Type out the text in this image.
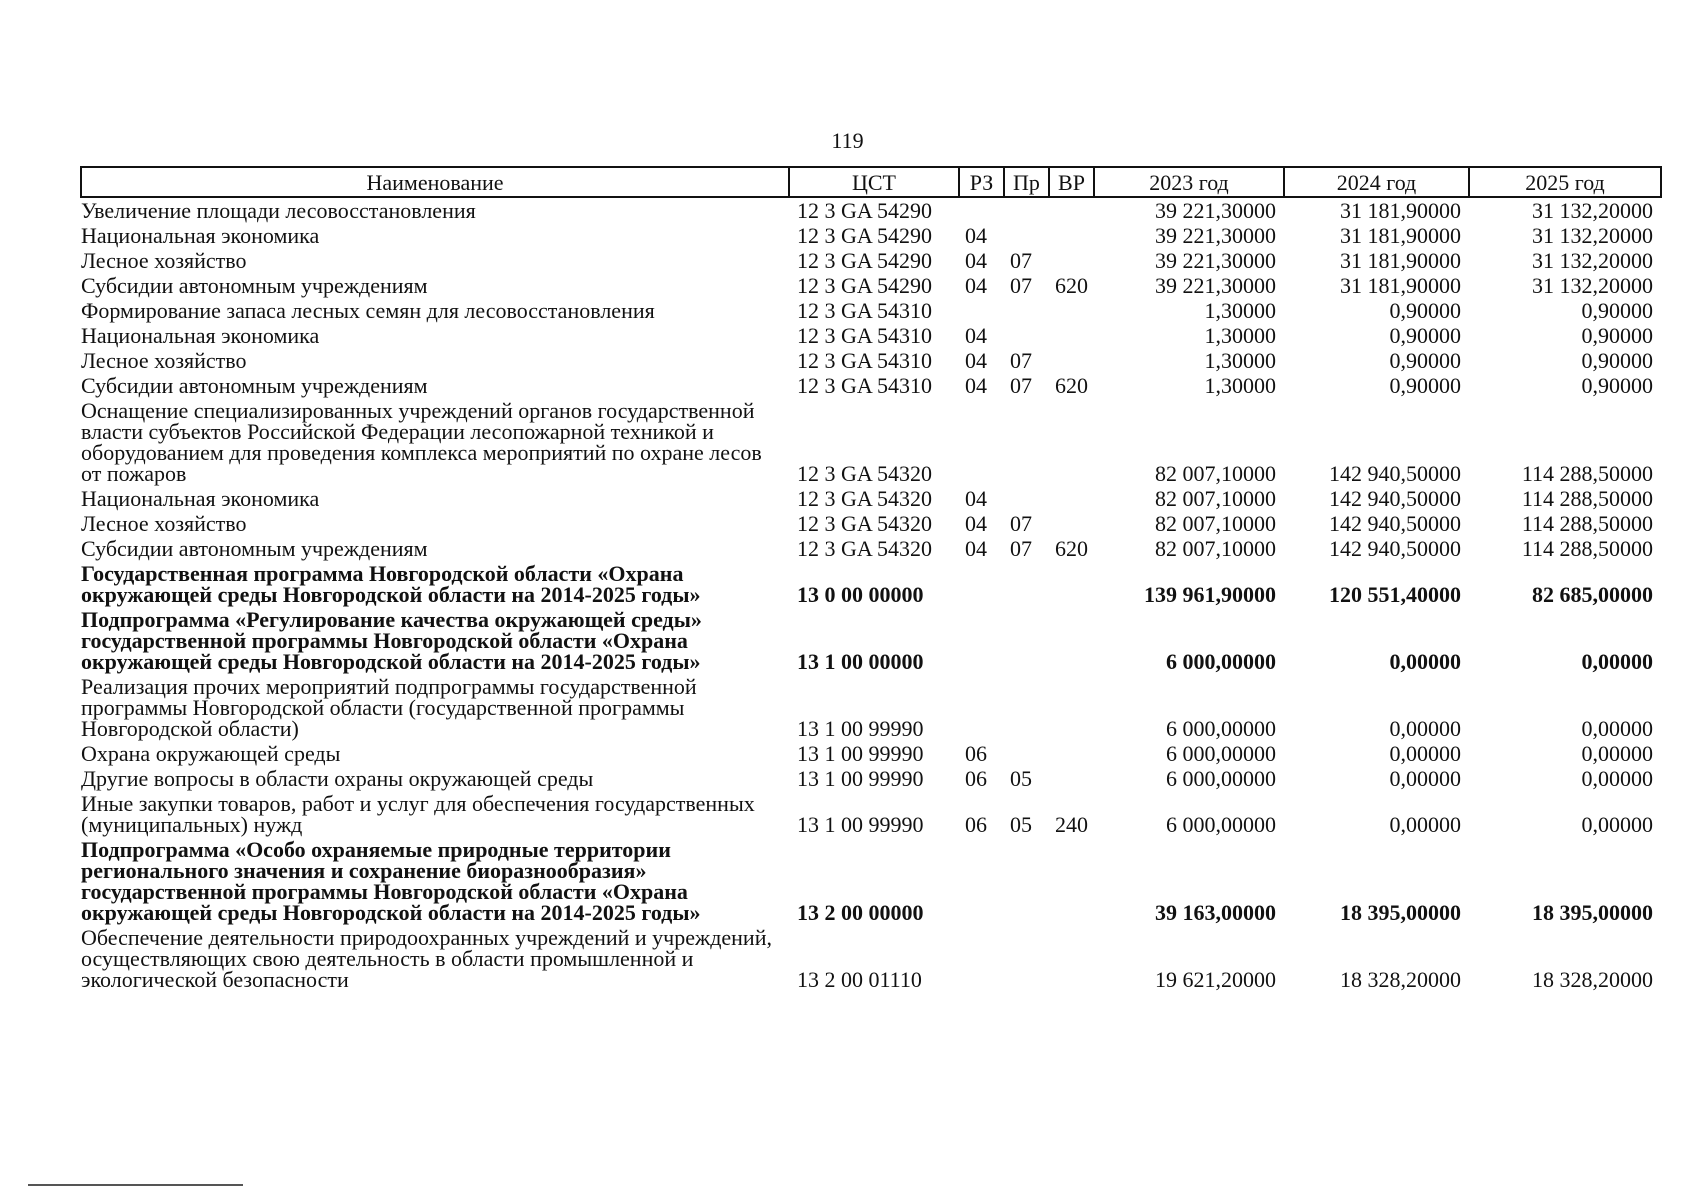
119
Наименование	ЦСТ	РЗ	Пр	ВР	2023 год	2024 год	2025 год
Увеличение площади лесовосстановления	12 3 GA 54290				39 221,30000	31 181,90000	31 132,20000
Национальная экономика	12 3 GA 54290	04			39 221,30000	31 181,90000	31 132,20000
Лесное хозяйство	12 3 GA 54290	04	07		39 221,30000	31 181,90000	31 132,20000
Субсидии автономным учреждениям	12 3 GA 54290	04	07	620	39 221,30000	31 181,90000	31 132,20000
Формирование запаса лесных семян для лесовосстановления	12 3 GA 54310				1,30000	0,90000	0,90000
Национальная экономика	12 3 GA 54310	04			1,30000	0,90000	0,90000
Лесное хозяйство	12 3 GA 54310	04	07		1,30000	0,90000	0,90000
Субсидии автономным учреждениям	12 3 GA 54310	04	07	620	1,30000	0,90000	0,90000
Оснащение специализированных учреждений органов государственной власти субъектов Российской Федерации лесопожарной техникой и оборудованием для проведения комплекса мероприятий по охране лесов от пожаров	12 3 GA 54320				82 007,10000	142 940,50000	114 288,50000
Национальная экономика	12 3 GA 54320	04			82 007,10000	142 940,50000	114 288,50000
Лесное хозяйство	12 3 GA 54320	04	07		82 007,10000	142 940,50000	114 288,50000
Субсидии автономным учреждениям	12 3 GA 54320	04	07	620	82 007,10000	142 940,50000	114 288,50000
Государственная программа Новгородской области «Охрана окружающей среды Новгородской области на 2014-2025 годы»	13 0 00 00000				139 961,90000	120 551,40000	82 685,00000
Подпрограмма «Регулирование качества окружающей среды» государственной программы Новгородской области «Охрана окружающей среды Новгородской области на 2014-2025 годы»	13 1 00 00000				6 000,00000	0,00000	0,00000
Реализация прочих мероприятий подпрограммы государственной программы Новгородской области (государственной программы Новгородской области)	13 1 00 99990				6 000,00000	0,00000	0,00000
Охрана окружающей среды	13 1 00 99990	06			6 000,00000	0,00000	0,00000
Другие вопросы в области охраны окружающей среды	13 1 00 99990	06	05		6 000,00000	0,00000	0,00000
Иные закупки товаров, работ и услуг для обеспечения государственных (муниципальных) нужд	13 1 00 99990	06	05	240	6 000,00000	0,00000	0,00000
Подпрограмма «Особо охраняемые природные территории регионального значения и сохранение биоразнообразия» государственной программы Новгородской области «Охрана окружающей среды Новгородской области на 2014-2025 годы»	13 2 00 00000				39 163,00000	18 395,00000	18 395,00000
Обеспечение деятельности природоохранных учреждений и учреждений, осуществляющих свою деятельность в области промышленной и экологической безопасности	13 2 00 01110				19 621,20000	18 328,20000	18 328,20000
